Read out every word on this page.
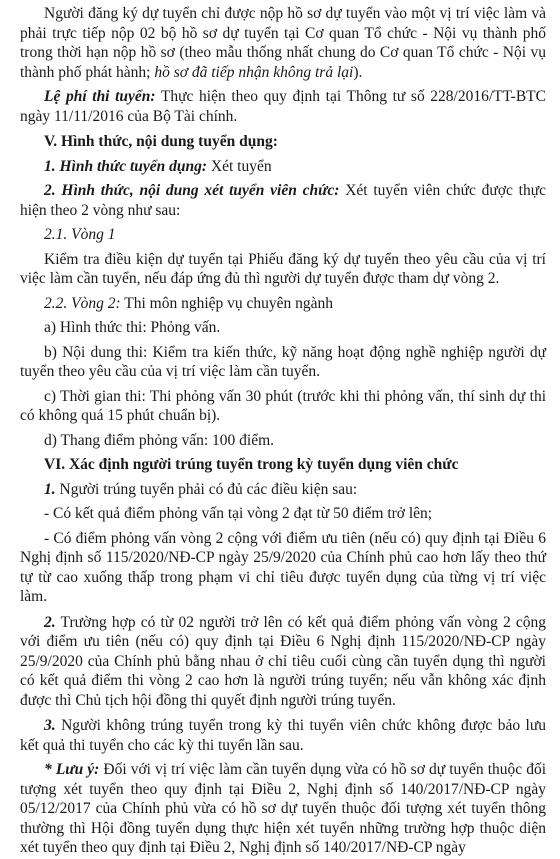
Người đăng ký dự tuyển chỉ được nộp hồ sơ dự tuyển vào một vị trí việc làm và phải trực tiếp nộp 02 bộ hồ sơ dự tuyển tại Cơ quan Tổ chức - Nội vụ thành phố trong thời hạn nộp hồ sơ (theo mẫu thống nhất chung do Cơ quan Tổ chức - Nội vụ thành phố phát hành; hồ sơ đã tiếp nhận không trả lại).

Lệ phí thi tuyển: Thực hiện theo quy định tại Thông tư số 228/2016/TT-BTC ngày 11/11/2016 của Bộ Tài chính.

V. Hình thức, nội dung tuyển dụng:

1. Hình thức tuyển dụng: Xét tuyển

2. Hình thức, nội dung xét tuyển viên chức: Xét tuyển viên chức được thực hiện theo 2 vòng như sau:

2.1. Vòng 1

Kiểm tra điều kiện dự tuyển tại Phiếu đăng ký dự tuyển theo yêu cầu của vị trí việc làm cần tuyển, nếu đáp ứng đủ thì người dự tuyển được tham dự vòng 2.

2.2. Vòng 2: Thi môn nghiệp vụ chuyên ngành

a) Hình thức thi: Phỏng vấn.

b) Nội dung thi: Kiểm tra kiến thức, kỹ năng hoạt động nghề nghiệp người dự tuyển theo yêu cầu của vị trí việc làm cần tuyển.

c) Thời gian thi: Thi phỏng vấn 30 phút (trước khi thi phỏng vấn, thí sinh dự thi có không quá 15 phút chuẩn bị).

d) Thang điểm phỏng vấn: 100 điểm.

VI. Xác định người trúng tuyển trong kỳ tuyển dụng viên chức

1. Người trúng tuyển phải có đủ các điều kiện sau:

- Có kết quả điểm phỏng vấn tại vòng 2 đạt từ 50 điểm trở lên;

- Có điểm phỏng vấn vòng 2 cộng với điểm ưu tiên (nếu có) quy định tại Điều 6 Nghị định số 115/2020/NĐ-CP ngày 25/9/2020 của Chính phủ cao hơn lấy theo thứ tự từ cao xuống thấp trong phạm vi chỉ tiêu được tuyển dụng của từng vị trí việc làm.

2. Trường hợp có từ 02 người trở lên có kết quả điểm phỏng vấn vòng 2 cộng với điểm ưu tiên (nếu có) quy định tại Điều 6 Nghị định 115/2020/NĐ-CP ngày 25/9/2020 của Chính phủ bằng nhau ở chỉ tiêu cuối cùng cần tuyển dụng thì người có kết quả điểm thi vòng 2 cao hơn là người trúng tuyển; nếu vẫn không xác định được thì Chủ tịch hội đồng thi quyết định người trúng tuyển.

3. Người không trúng tuyển trong kỳ thi tuyển viên chức không được bảo lưu kết quả thi tuyển cho các kỳ thi tuyển lần sau.

* Lưu ý: Đối với vị trí việc làm cần tuyển dụng vừa có hồ sơ dự tuyển thuộc đối tượng xét tuyển theo quy định tại Điều 2, Nghị định số 140/2017/NĐ-CP ngày 05/12/2017 của Chính phủ vừa có hồ sơ dự tuyển thuộc đối tượng xét tuyển thông thường thì Hội đồng tuyển dụng thực hiện xét tuyển những trường hợp thuộc diện xét tuyển theo quy định tại Điều 2, Nghị định số 140/2017/NĐ-CP ngày
